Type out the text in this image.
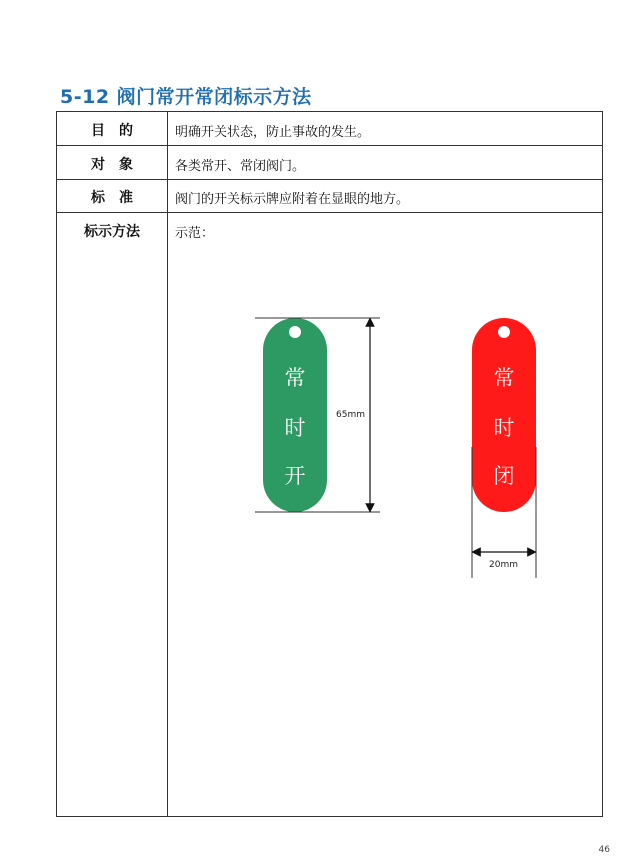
5-12 阀门常开常闭标示方法
目　的	明确开关状态，防止事故的发生。
对　象	各类常开、常闭阀门。
标　准	阀门的开关标示牌应附着在显眼的地方。
标示方法	示范：
常
时
开
常
时
闭
65mm
20mm
46
